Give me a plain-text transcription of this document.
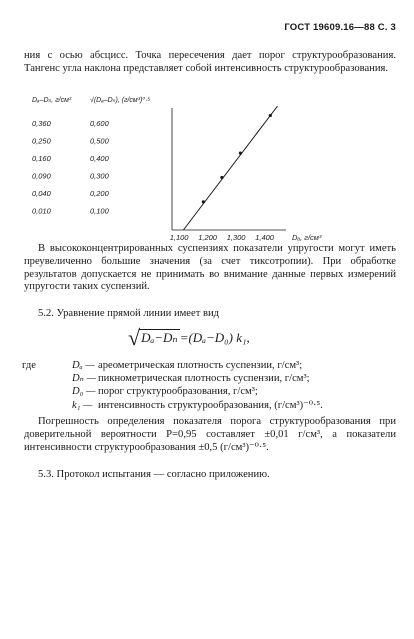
ГОСТ 19609.16—88 С. 3
ния с осью абсцисс. Точка пересечения дает порог структурообразования. Тангенс угла наклона представляет собой интенсивность структурообразования.
Dₐ–Dₙ, г/см³	√(Dₐ–Dₙ), (г/см³)⁰·⁵
0,010	0,100
0,040	0,200
0,090	0,300
0,160	0,400
0,250	0,500
0,360	0,600
1,100 1,200 1,300 1,400 Dₐ, г/см³
В высококонцентрированных суспензиях показатели упругости могут иметь преувеличенно большие значения (за счет тиксотропии). При обработке результатов допускается не принимать во внимание данные первых измерений упругости таких суспензий.
5.2. Уравнение прямой линии имеет вид
√Dₐ−Dₙ =(Dₐ−D₀) k₁,
где	Dₐ — ареометрическая плотность суспензии, г/см³;
Dₙ — пикнометрическая плотность суспензии, г/см³;
D₀ — порог структурообразования, г/см³;
k₁ — интенсивность структурообразования, (г/см³)⁻⁰·⁵.
Погрешность определения показателя порога структурообразования при доверительной вероятности P=0,95 составляет ±0,01 г/см³, а показатели интенсивности структурообразования ±0,5 (г/см³)⁻⁰·⁵.
5.3. Протокол испытания — согласно приложению.
